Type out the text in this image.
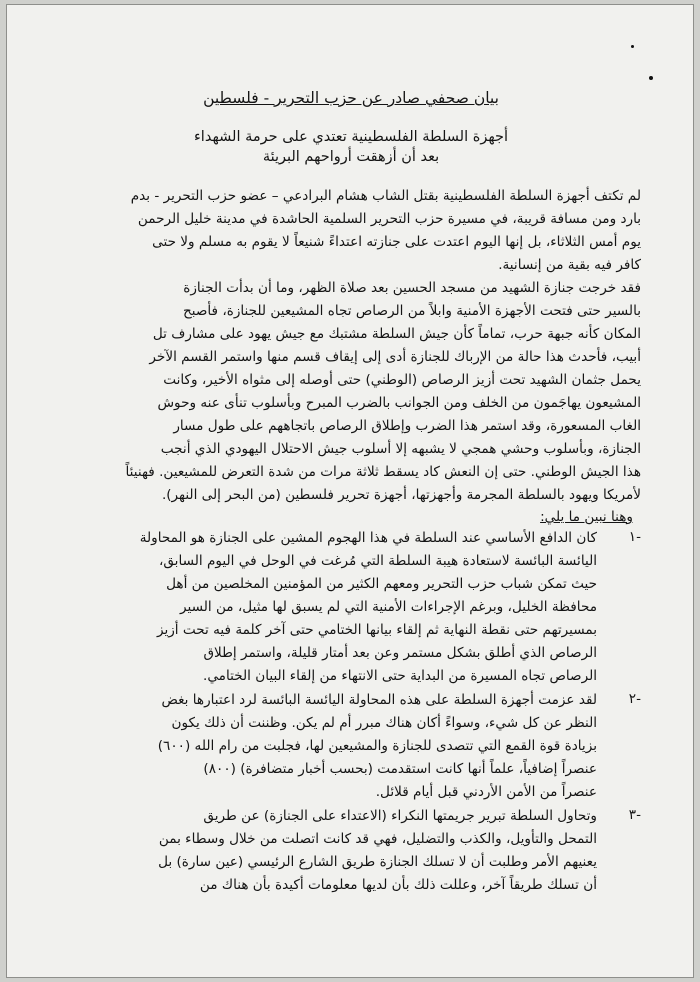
بيان صحفي صادر عن حزب التحرير - فلسطين
أجهزة السلطة الفلسطينية تعتدي على حرمة الشهداء
بعد أن أزهقت أرواحهم البريئة
لم تكتف أجهزة السلطة الفلسطينية بقتل الشاب هشام البرادعي – عضو حزب التحرير - بدم
بارد ومن مسافة قريبة، في مسيرة حزب التحرير السلمية الحاشدة في مدينة خليل الرحمن
يوم أمس الثلاثاء، بل إنها اليوم اعتدت على جنازته اعتداءً شنيعاً لا يقوم به مسلم ولا حتى
كافر فيه بقية من إنسانية.
فقد خرجت جنازة الشهيد من مسجد الحسين بعد صلاة الظهر، وما أن بدأت الجنازة
بالسير حتى فتحت الأجهزة الأمنية وابلاً من الرصاص تجاه المشيعين للجنازة، فأصبح
المكان كأنه جبهة حرب، تماماً كأن جيش السلطة مشتبك مع جيش يهود على مشارف تل
أبيب، فأحدث هذا حالة من الإرباك للجنازة أدى إلى إيقاف قسم منها واستمر القسم الآخر
يحمل جثمان الشهيد تحت أزيز الرصاص (الوطني) حتى أوصله إلى مثواه الأخير، وكانت
المشيعون يهاجَمون من الخلف ومن الجوانب بالضرب المبرح وبأسلوب تنأى عنه وحوش
الغاب المسعورة، وقد استمر هذا الضرب وإطلاق الرصاص باتجاههم على طول مسار
الجنازة، وبأسلوب وحشي همجي لا يشبهه إلا أسلوب جيش الاحتلال اليهودي الذي أنجب
هذا الجيش الوطني. حتى إن النعش كاد يسقط ثلاثة مرات من شدة التعرض للمشيعين. فهنيئاً
لأمريكا ويهود بالسلطة المجرمة وأجهزتها، أجهزة تحرير فلسطين (من البحر إلى النهر).
وهنا نبين ما يلي:
-١
كان الدافع الأساسي عند السلطة في هذا الهجوم المشين على الجنازة هو المحاولة
اليائسة البائسة لاستعادة هيبة السلطة التي مُرغت في الوحل في اليوم السابق،
حيث تمكن شباب حزب التحرير ومعهم الكثير من المؤمنين المخلصين من أهل
محافظة الخليل، وبرغم الإجراءات الأمنية التي لم يسبق لها مثيل، من السير
بمسيرتهم حتى نقطة النهاية ثم إلقاء بيانها الختامي حتى آخر كلمة فيه تحت أزيز
الرصاص الذي أطلق بشكل مستمر وعن بعد أمتار قليلة، واستمر إطلاق
الرصاص تجاه المسيرة من البداية حتى الانتهاء من إلقاء البيان الختامي.
-٢
لقد عزمت أجهزة السلطة على هذه المحاولة اليائسة البائسة لرد اعتبارها بغض
النظر عن كل شيء، وسواءً أكان هناك مبرر أم لم يكن. وظننت أن ذلك يكون
بزيادة قوة القمع التي تتصدى للجنازة والمشيعين لها، فجلبت من رام الله (٦٠٠)
عنصراً إضافياً، علماً أنها كانت استقدمت (بحسب أخبار متضافرة) (٨٠٠)
عنصراً من الأمن الأردني قبل أيام قلائل.
-٣
وتحاول السلطة تبرير جريمتها النكراء (الاعتداء على الجنازة) عن طريق
التمحل والتأويل، والكذب والتضليل، فهي قد كانت اتصلت من خلال وسطاء بمن
يعنيهم الأمر وطلبت أن لا تسلك الجنازة طريق الشارع الرئيسي (عين سارة) بل
أن تسلك طريقاً آخر، وعللت ذلك بأن لديها معلومات أكيدة بأن هناك من
